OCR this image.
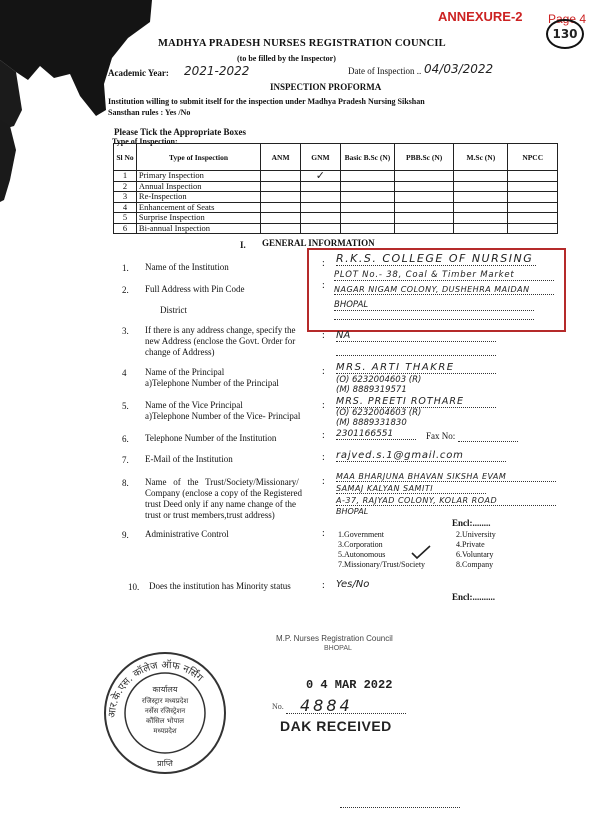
ANNEXURE-2 Page 4
130
MADHYA PRADESH NURSES REGISTRATION COUNCIL
(to be filled by the Inspector)
Academic Year: 2021-2022	Date of Inspection .. 04/03/2022
INSPECTION PROFORMA
Institution willing to submit itself for the inspection under Madhya Pradesh Nursing Sikshan
Sansthan rules : Yes /No
Please Tick the Appropriate Boxes
Type of Inspection:
Sl No	Type of Inspection	ANM	GNM	Basic B.Sc (N)	PBB.Sc (N)	M.Sc (N)	NPCC
1	Primary Inspection		✓				
2	Annual Inspection						
3	Re-Inspection						
4	Enhancement of Seats						
5	Surprise Inspection						
6	Bi-annual Inspection						
I. GENERAL INFORMATION
1. Name of the Institution	: R.K.S. COLLEGE OF NURSING
2. Full Address with Pin Code
District
:
PLOT No.- 38, Coal & Timber Market
NAGAR NIGAM COLONY, DUSHEHRA MAIDAN
BHOPAL
3. If there is any address change, specify the
new Address (enclose the Govt. Order for
change of Address)
: NA
4 Name of the Principal
a)Telephone Number of the Principal
: MRS. ARTI THAKRE
(O) 6232004603 (R)
(M) 8889319571
5. Name of the Vice Principal
a)Telephone Number of the Vice- Principal
: MRS. PREETI ROTHARE
(O) 6232004603 (R)
(M) 8889331830
6. Telephone Number of the Institution	: 2301166551	Fax No:
7. E-Mail of the Institution	: rajved.s.1@gmail.com
8. Name   of   the   Trust/Society/Missionary/
Company (enclose a copy of the Registered
trust Deed only if any name change of the
trust or trust members,trust address)
: MAA BHARJUNA BHAVAN SIKSHA EVAM
SAMAJ KALYAN SAMITI
A-37, RAJYAD COLONY, KOLAR ROAD
BHOPAL
Encl:........
9. Administrative Control	: 1.Government
3.Corporation
5.Autonomous
7.Missionary/Trust/Society
2.University
4.Private
6.Voluntary
8.Company
10. Does the institution has Minority status	: Yes/No
Encl:..........
M.P. Nurses Registration Council
BHOPAL
0 4 MAR 2022
No. 4884
DAK RECEIVED
आर.के.एस. कॉलेज ऑफ नर्सिंग
कार्यालय
रजिस्ट्रार मध्यप्रदेश
नर्सेस रजिस्ट्रेशन
कौंसिल भोपाल
मध्यप्रदेश
प्राप्ति
